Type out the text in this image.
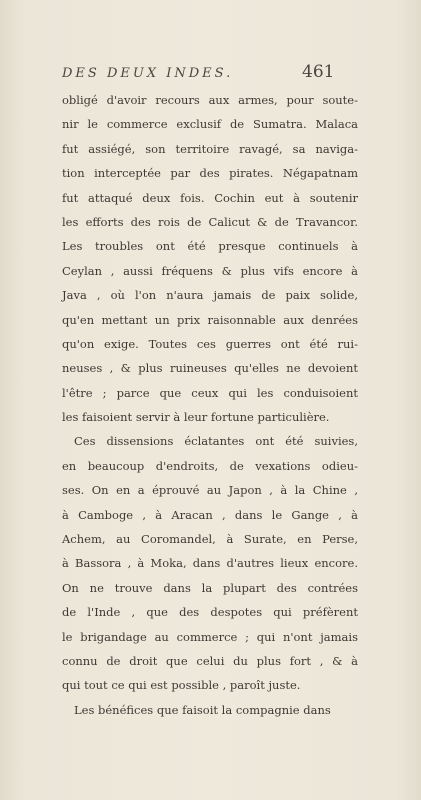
DES DEUX INDES.	461
obligé d'avoir recours aux armes, pour soute-
nir le commerce exclusif de Sumatra. Malaca
fut assiégé, son territoire ravagé, sa naviga-
tion interceptée par des pirates. Négapatnam
fut attaqué deux fois. Cochin eut à soutenir
les efforts des rois de Calicut & de Travancor.
Les troubles ont été presque continuels à
Ceylan , aussi fréquens & plus vifs encore à
Java , où l'on n'aura jamais de paix solide,
qu'en mettant un prix raisonnable aux denrées
qu'on exige. Toutes ces guerres ont été rui-
neuses , & plus ruineuses qu'elles ne devoient
l'être ; parce que ceux qui les conduisoient
les faisoient servir à leur fortune particulière.
Ces dissensions éclatantes ont été suivies,
en beaucoup d'endroits, de vexations odieu-
ses. On en a éprouvé au Japon , à la Chine ,
à Camboge , à Aracan , dans le Gange , à
Achem, au Coromandel, à Surate, en Perse,
à Bassora , à Moka, dans d'autres lieux encore.
On ne trouve dans la plupart des contrées
de l'Inde , que des despotes qui préfèrent
le brigandage au commerce ; qui n'ont jamais
connu de droit que celui du plus fort , & à
qui tout ce qui est possible , paroît juste.
Les bénéfices que faisoit la compagnie dans
